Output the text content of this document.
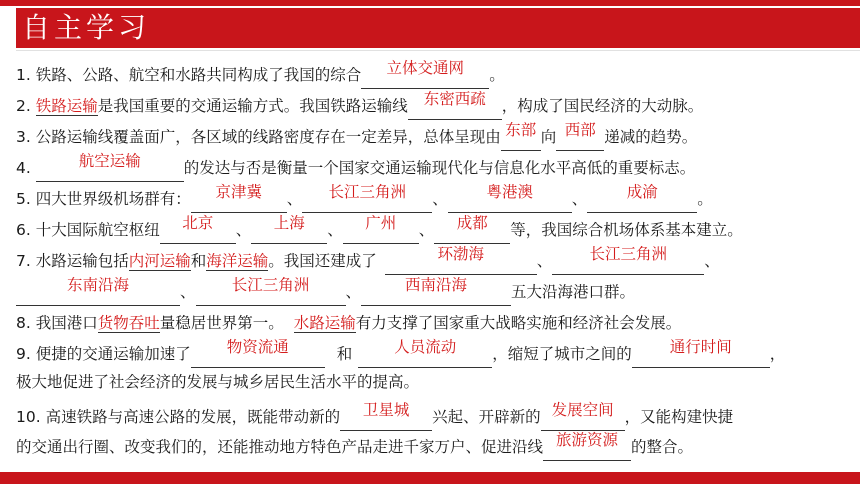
自主学习
1. 铁路、公路、航空和水路共同构成了我国的综合	立体交通网	。
2. 铁路运输是我国重要的交通运输方式。我国铁路运输线	东密西疏	，构成了国民经济的大动脉。
3. 公路运输线覆盖面广，各区域的线路密度存在一定差异，总体呈现由 东部 向 西部 递减的趋势。
4.	航空运输	的发达与否是衡量一个国家交通运输现代化与信息化水平高低的重要标志。
5. 四大世界级机场群有：	京津冀	、	长江三角洲	、	粤港澳	、	成渝	。
6. 十大国际航空枢纽	北京	、	上海	、	广州	、	成都	等，我国综合机场体系基本建立。
7. 水路运输包括内河运输和海洋运输。我国还建成了	环渤海	、	长江三角洲	、
东南沿海	、	长江三角洲	、	西南沿海	五大沿海港口群。
8. 我国港口货物吞吐量稳居世界第一。 水路运输有力支撑了国家重大战略实施和经济社会发展。
9. 便捷的交通运输加速了	物资流通	和	人员流动	，缩短了城市之间的	通行时间	，
极大地促进了社会经济的发展与城乡居民生活水平的提高。
10. 高速铁路与高速公路的发展，既能带动新的	卫星城	兴起、开辟新的 发展空间 ，又能构建快捷
的交通出行圈、改变我们的，还能推动地方特色产品走进千家万户、促进沿线 旅游资源 的整合。
